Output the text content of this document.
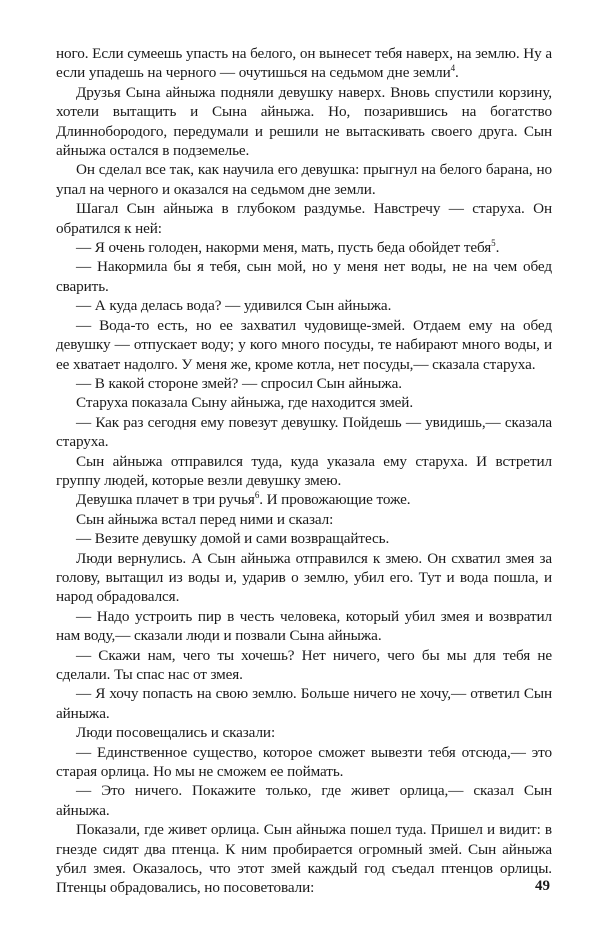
ного. Если сумеешь упасть на белого, он вынесет тебя наверх, на землю. Ну а если упадешь на черного — очутишься на седьмом дне земли$^4$.

Друзья Сына айныжа подняли девушку наверх. Вновь спустили корзину, хотели вытащить и Сына айныжа. Но, позарившись на богатство Длиннобородого, передумали и решили не вытаскивать своего друга. Сын айныжа остался в подземелье.

Он сделал все так, как научила его девушка: прыгнул на белого барана, но упал на черного и оказался на седьмом дне земли.

Шагал Сын айныжа в глубоком раздумье. Навстречу — старуха. Он обратился к ней:

— Я очень голоден, накорми меня, мать, пусть беда обойдет тебя$^5$.

— Накормила бы я тебя, сын мой, но у меня нет воды, не на чем обед сварить.

— А куда делась вода? — удивился Сын айныжа.

— Вода-то есть, но ее захватил чудовище-змей. Отдаем ему на обед девушку — отпускает воду; у кого много посуды, те набирают много воды, и ее хватает надолго. У меня же, кроме котла, нет посуды,— сказала старуха.

— В какой стороне змей? — спросил Сын айныжа.

Старуха показала Сыну айныжа, где находится змей.

— Как раз сегодня ему повезут девушку. Пойдешь — увидишь,— сказала старуха.

Сын айныжа отправился туда, куда указала ему старуха. И встретил группу людей, которые везли девушку змею.

Девушка плачет в три ручья$^6$. И провожающие тоже.

Сын айныжа встал перед ними и сказал:

— Везите девушку домой и сами возвращайтесь.

Люди вернулись. А Сын айныжа отправился к змею. Он схватил змея за голову, вытащил из воды и, ударив о землю, убил его. Тут и вода пошла, и народ обрадовался.

— Надо устроить пир в честь человека, который убил змея и возвратил нам воду,— сказали люди и позвали Сына айныжа.

— Скажи нам, чего ты хочешь? Нет ничего, чего бы мы для тебя не сделали. Ты спас нас от змея.

— Я хочу попасть на свою землю. Больше ничего не хочу,— ответил Сын айныжа.

Люди посовещались и сказали:

— Единственное существо, которое сможет вывезти тебя отсюда,— это старая орлица. Но мы не сможем ее поймать.

— Это ничего. Покажите только, где живет орлица,— сказал Сын айныжа.

Показали, где живет орлица. Сын айныжа пошел туда. Пришел и видит: в гнезде сидят два птенца. К ним пробирается огромный змей. Сын айныжа убил змея. Оказалось, что этот змей каждый год съедал птенцов орлицы. Птенцы обрадовались, но посоветовали:	49
